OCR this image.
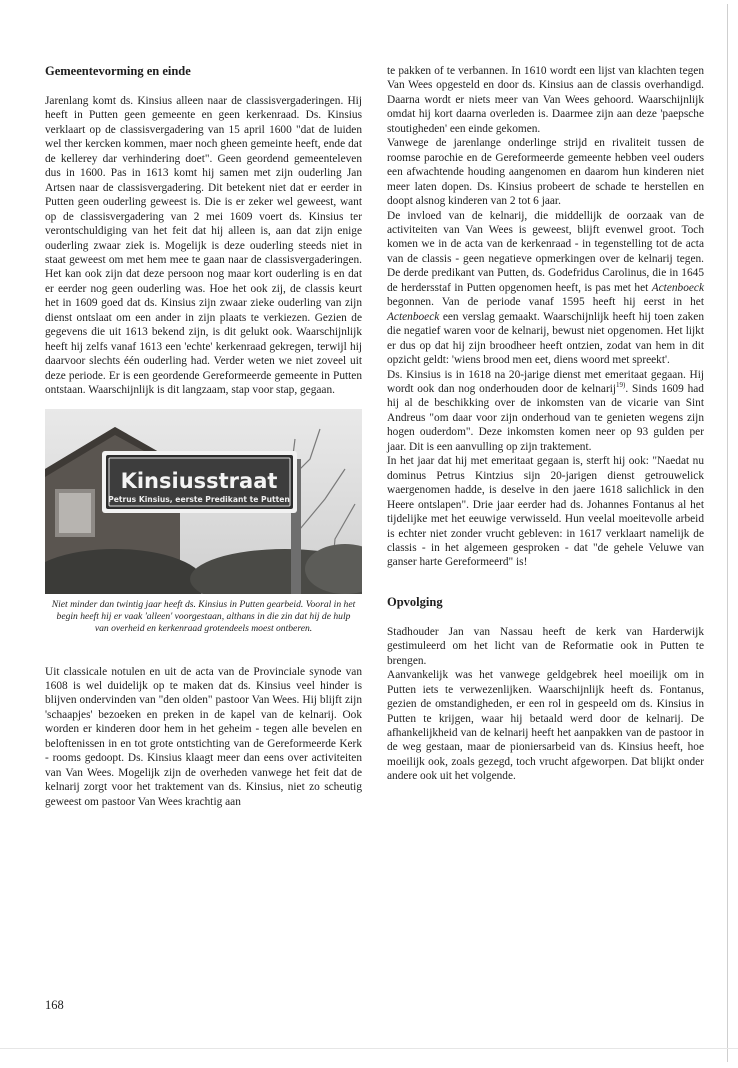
Gemeentevorming en einde

Jarenlang komt ds. Kinsius alleen naar de classisvergaderingen. Hij heeft in Putten geen gemeente en geen kerkenraad. Ds. Kinsius verklaart op de classisvergadering van 15 april 1600 "dat de luiden wel ther kercken kommen, maer noch gheen gemeinte heeft, ende dat de kellerey dar verhindering doet". Geen geordend gemeenteleven dus in 1600. Pas in 1613 komt hij samen met zijn ouderling Jan Artsen naar de classisvergadering. Dit betekent niet dat er eerder in Putten geen ouderling geweest is. Die is er zeker wel geweest, want op de classisvergadering van 2 mei 1609 voert ds. Kinsius ter verontschuldiging van het feit dat hij alleen is, aan dat zijn enige ouderling zwaar ziek is. Mogelijk is deze ouderling steeds niet in staat geweest om met hem mee te gaan naar de classisvergaderingen. Het kan ook zijn dat deze persoon nog maar kort ouderling is en dat er eerder nog geen ouderling was. Hoe het ook zij, de classis keurt het in 1609 goed dat ds. Kinsius zijn zwaar zieke ouderling van zijn dienst ontslaat om een ander in zijn plaats te verkiezen. Gezien de gegevens die uit 1613 bekend zijn, is dit gelukt ook. Waarschijnlijk heeft hij zelfs vanaf 1613 een 'echte' kerkenraad gekregen, terwijl hij daarvoor slechts één ouderling had. Verder weten we niet zoveel uit deze periode. Er is een geordende Gereformeerde gemeente in Putten ontstaan. Waarschijnlijk is dit langzaam, stap voor stap, gegaan.

Kinsiusstraat
Petrus Kinsius, eerste Predikant te Putten

Niet minder dan twintig jaar heeft ds. Kinsius in Putten gearbeid. Vooral in het begin heeft hij er vaak 'alleen' voorgestaan, althans in die zin dat hij de hulp van overheid en kerkenraad grotendeels moest ontberen.

Uit classicale notulen en uit de acta van de Provinciale synode van 1608 is wel duidelijk op te maken dat ds. Kinsius veel hinder is blijven ondervinden van "den olden" pastoor Van Wees. Hij blijft zijn 'schaapjes' bezoeken en preken in de kapel van de kelnarij. Ook worden er kinderen door hem in het geheim - tegen alle bevelen en beloftenissen in en tot grote ontstichting van de Gereformeerde Kerk - rooms gedoopt. Ds. Kinsius klaagt meer dan eens over activiteiten van Van Wees. Mogelijk zijn de overheden vanwege het feit dat de kelnarij zorgt voor het traktement van ds. Kinsius, niet zo scheutig geweest om pastoor Van Wees krachtig aan

te pakken of te verbannen. In 1610 wordt een lijst van klachten tegen Van Wees opgesteld en door ds. Kinsius aan de classis overhandigd. Daarna wordt er niets meer van Van Wees gehoord. Waarschijnlijk omdat hij kort daarna overleden is. Daarmee zijn aan deze 'paepsche stoutigheden' een einde gekomen.

Vanwege de jarenlange onderlinge strijd en rivaliteit tussen de roomse parochie en de Gereformeerde gemeente hebben veel ouders een afwachtende houding aangenomen en daarom hun kinderen niet meer laten dopen. Ds. Kinsius probeert de schade te herstellen en doopt alsnog kinderen van 2 tot 6 jaar.

De invloed van de kelnarij, die middellijk de oorzaak van de activiteiten van Van Wees is geweest, blijft evenwel groot. Toch komen we in de acta van de kerkenraad - in tegenstelling tot de acta van de classis - geen negatieve opmerkingen over de kelnarij tegen. De derde predikant van Putten, ds. Godefridus Carolinus, die in 1645 de herdersstaf in Putten opgenomen heeft, is pas met het Actenboeck begonnen. Van de periode vanaf 1595 heeft hij eerst in het Actenboeck een verslag gemaakt. Waarschijnlijk heeft hij toen zaken die negatief waren voor de kelnarij, bewust niet opgenomen. Het lijkt er dus op dat hij zijn broodheer heeft ontzien, zodat van hem in dit opzicht geldt: 'wiens brood men eet, diens woord met spreekt'.

Ds. Kinsius is in 1618 na 20-jarige dienst met emeritaat gegaan. Hij wordt ook dan nog onderhouden door de kelnarij$^{19)}$. Sinds 1609 had hij al de beschikking over de inkomsten van de vicarie van Sint Andreus "om daar voor zijn onderhoud van te genieten wegens zijn hogen ouderdom". Deze inkomsten komen neer op 93 gulden per jaar. Dit is een aanvulling op zijn traktement.

In het jaar dat hij met emeritaat gegaan is, sterft hij ook: "Naedat nu dominus Petrus Kintzius sijn 20-jarigen dienst getrouwelick waergenomen hadde, is deselve in den jaere 1618 salichlick in den Heere ontslapen". Drie jaar eerder had ds. Johannes Fontanus al het tijdelijke met het eeuwige verwisseld. Hun veelal moeitevolle arbeid is echter niet zonder vrucht gebleven: in 1617 verklaart namelijk de classis - in het algemeen gesproken - dat "de gehele Veluwe van ganser harte Gereformeerd" is!

Opvolging

Stadhouder Jan van Nassau heeft de kerk van Harderwijk gestimuleerd om het licht van de Reformatie ook in Putten te brengen.

Aanvankelijk was het vanwege geldgebrek heel moeilijk om in Putten iets te verwezenlijken. Waarschijnlijk heeft ds. Fontanus, gezien de omstandigheden, er een rol in gespeeld om ds. Kinsius in Putten te krijgen, waar hij betaald werd door de kelnarij. De afhankelijkheid van de kelnarij heeft het aanpakken van de pastoor in de weg gestaan, maar de pioniersarbeid van ds. Kinsius heeft, hoe moeilijk ook, zoals gezegd, toch vrucht afgeworpen. Dat blijkt onder andere ook uit het volgende.

168
